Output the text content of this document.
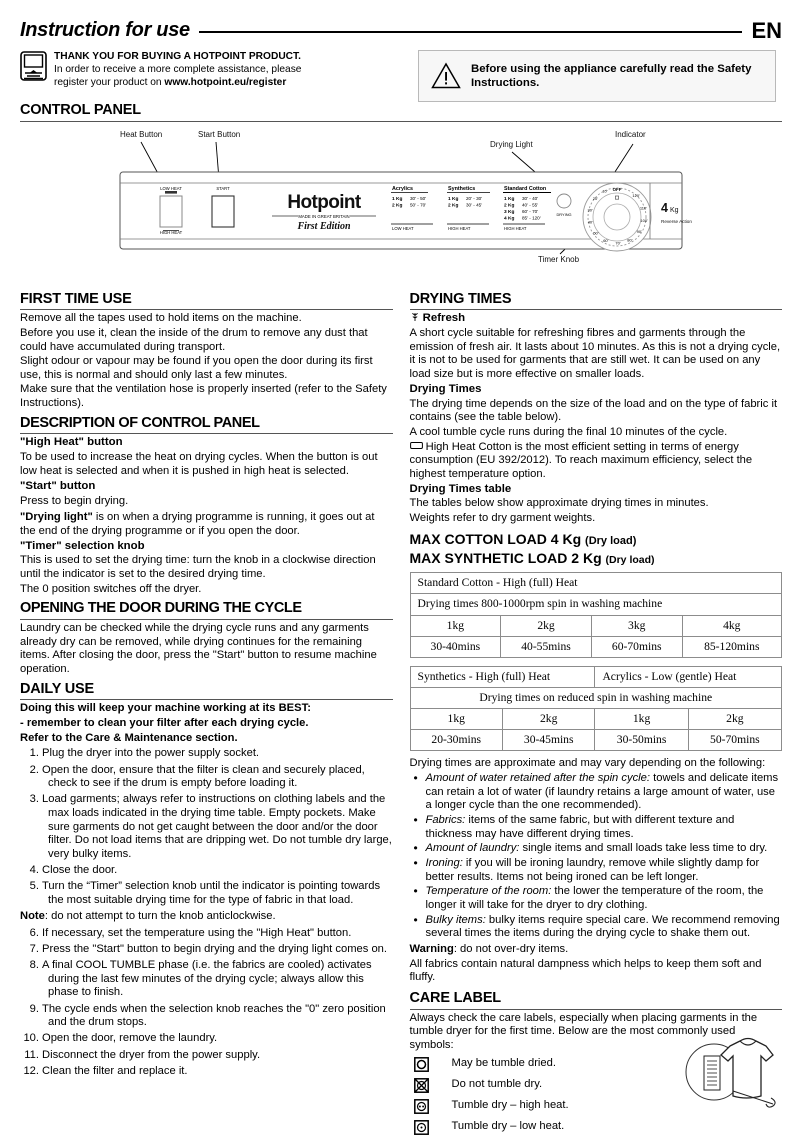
Instruction for use	EN
THANK YOU FOR BUYING A HOTPOINT PRODUCT.
In order to receive a more complete assistance, please
register your product on www.hotpoint.eu/register
Before using the appliance carefully read the Safety Instructions.
CONTROL PANEL
LOW HEAT
HIGH HEAT
START
Hotpoint
MADE IN GREAT BRITAIN
First Edition
Acrylics
1 Kg 30' - 50'
2 Kg 50' - 70'
LOW HEAT
Synthetics
1 Kg 20' - 30'
2 Kg 30' - 45'
HIGH HEAT
Standard Cotton
1 Kg 30' - 40'
2 Kg 40' - 55'
3 Kg 60' - 70'
4 Kg 85' - 120'
HIGH HEAT
DRYING
OFF
10'
20'
30'
40'
50'
60' 70'
80'
90'
100'
110'
120'
4 Kg
Reverse Action
Heat Button	Start Button
Drying Light
Indicator
Timer Knob
FIRST TIME USE

Remove all the tapes used to hold items on the machine.

Before you use it, clean the inside of the drum to remove any dust that could have accumulated during transport.

Slight odour or vapour may be found if you open the door during its first use, this is normal and should only last a few minutes.

Make sure that the ventilation hose is properly inserted (refer to the Safety Instructions).

DESCRIPTION OF CONTROL PANEL

"High Heat" button

To be used to increase the heat on drying cycles. When the button is out low heat is selected and when it is pushed in high heat is selected.

"Start" button

Press to begin drying.

"Drying light" is on when a drying programme is running, it goes out at the end of the drying programme or if you open the door.

"Timer" selection knob

This is used to set the drying time: turn the knob in a clockwise direction until the indicator is set to the desired drying time.

The 0 position switches off the dryer.

OPENING THE DOOR DURING THE CYCLE

Laundry can be checked while the drying cycle runs and any garments already dry can be removed, while drying continues for the remaining items. After closing the door, press the "Start" button to resume machine operation.

DAILY USE

Doing this will keep your machine working at its BEST:

- remember to clean your filter after each drying cycle.

Refer to the Care & Maintenance section.

1. Plug the dryer into the power supply socket.
2. Open the door, ensure that the filter is clean and securely placed, check to see if the drum is empty before loading it.
3. Load garments; always refer to instructions on clothing labels and the max loads indicated in the drying time table. Empty pockets. Make sure garments do not get caught between the door and/or the door filter. Do not load items that are dripping wet. Do not tumble dry large, very bulky items.
4. Close the door.
5. Turn the “Timer” selection knob until the indicator is pointing towards the most suitable drying time for the type of fabric in that load.

Note: do not attempt to turn the knob anticlockwise.

6. If necessary, set the temperature using the "High Heat" button.
7. Press the "Start" button to begin drying and the drying light comes on.
8. A final COOL TUMBLE phase (i.e. the fabrics are cooled) activates during the last few minutes of the drying cycle; always allow this phase to finish.
9. The cycle ends when the selection knob reaches the "0" zero position and the drum stops.
10. Open the door, remove the laundry.
11. Disconnect the dryer from the power supply.
12. Clean the filter and replace it.
DRYING TIMES

Refresh

A short cycle suitable for refreshing fibres and garments through the emission of fresh air. It lasts about 10 minutes. As this is not a drying cycle, it is not to be used for garments that are still wet. It can be used on any load size but is more effective on smaller loads.

Drying Times

The drying time depends on the size of the load and on the type of fabric it contains (see the table below).

A cool tumble cycle runs during the final 10 minutes of the cycle.

High Heat Cotton is the most efficient setting in terms of energy consumption (EU 392/2012). To reach maximum efficiency, select the highest temperature option.

Drying Times table

The tables below show approximate drying times in minutes.

Weights refer to dry garment weights.

MAX COTTON LOAD 4 Kg (Dry load)

MAX SYNTHETIC LOAD 2 Kg (Dry load)

Standard Cotton - High (full) Heat			
Drying times 800-1000rpm spin in washing machine			
1kg	2kg	3kg	4kg
30-40mins	40-55mins	60-70mins	85-120mins
Synthetics - High (full) Heat		Acrylics - Low (gentle) Heat	
Drying times on reduced spin in washing machine			
1kg	2kg	1kg	2kg
20-30mins	30-45mins	30-50mins	50-70mins

Drying times are approximate and may vary depending on the following:

• Amount of water retained after the spin cycle: towels and delicate items can retain a lot of water (if laundry retains a large amount of water, use a longer cycle than the one recommended).
• Fabrics: items of the same fabric, but with different texture and thickness may have different drying times.
• Amount of laundry: single items and small loads take less time to dry.
• Ironing: if you will be ironing laundry, remove while slightly damp for better results. Items not being ironed can be left longer.
• Temperature of the room: the lower the temperature of the room, the longer it will take for the dryer to dry clothing.
• Bulky items: bulky items require special care. We recommend removing several times the items during the drying cycle to shake them out.

Warning: do not over-dry items.

All fabrics contain natural dampness which helps to keep them soft and fluffy.

CARE LABEL

Always check the care labels, especially when placing garments in the tumble dryer for the first time. Below are the most commonly used symbols:

May be tumble dried.
Do not tumble dry.
Tumble dry – high heat.
Tumble dry – low heat.
